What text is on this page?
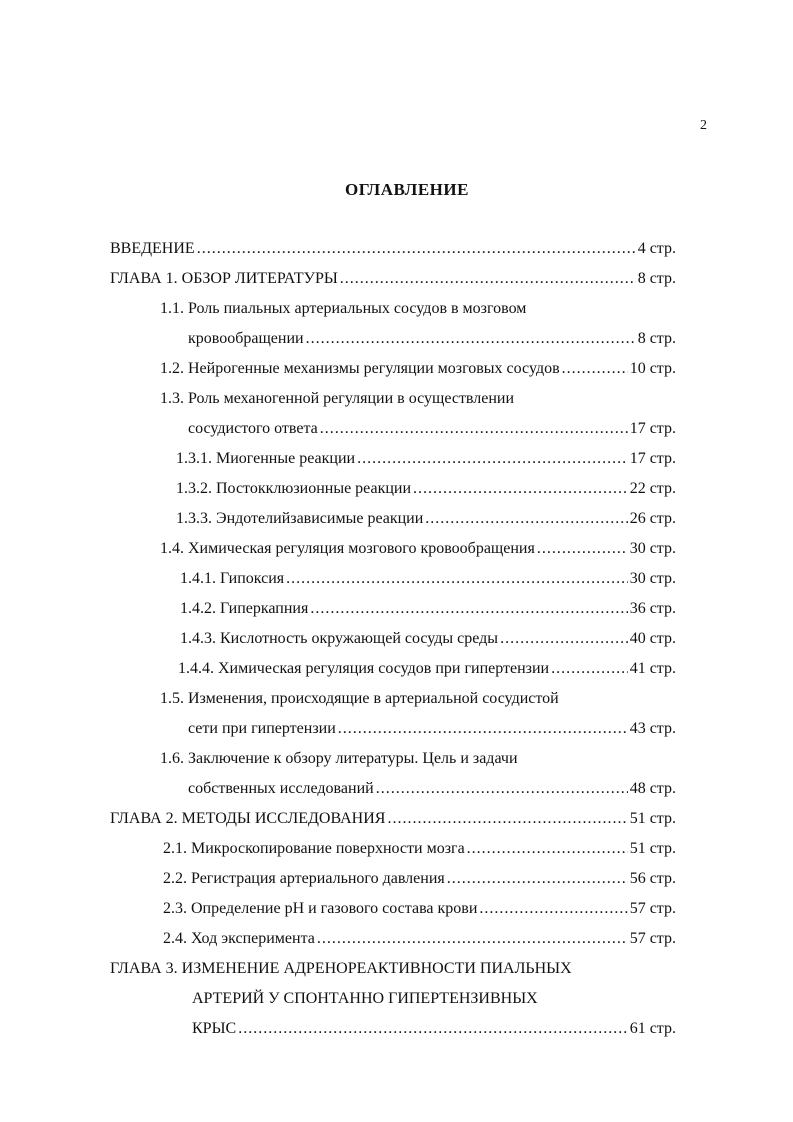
2
ОГЛАВЛЕНИЕ
ВВЕДЕНИЕ .....	4 стр.
ГЛАВА 1. ОБЗОР ЛИТЕРАТУРЫ .....	8 стр.
1.1. Роль пиальных артериальных сосудов в мозговом
кровообращении .....	8 стр.
1.2. Нейрогенные механизмы регуляции мозговых сосудов .....	10 стр.
1.3. Роль механогенной регуляции в осуществлении
сосудистого ответа .....	17 стр.
1.3.1. Миогенные реакции .....	17 стр.
1.3.2. Постокклюзионные реакции .....	22 стр.
1.3.3. Эндотелийзависимые реакции .....	26 стр.
1.4. Химическая регуляция мозгового кровообращения .....	30 стр.
1.4.1. Гипоксия .....	30 стр.
1.4.2. Гиперкапния .....	36 стр.
1.4.3. Кислотность окружающей сосуды среды .....	40 стр.
1.4.4. Химическая регуляция сосудов при гипертензии .....	41 стр.
1.5. Изменения, происходящие в артериальной сосудистой
сети при гипертензии .....	43 стр.
1.6. Заключение к обзору литературы. Цель и задачи
собственных исследований .....	48 стр.
ГЛАВА 2. МЕТОДЫ ИССЛЕДОВАНИЯ .....	51 стр.
2.1. Микроскопирование поверхности мозга .....	51 стр.
2.2. Регистрация артериального давления .....	56 стр.
2.3. Определение рН и газового состава крови .....	57 стр.
2.4. Ход эксперимента .....	57 стр.
ГЛАВА 3. ИЗМЕНЕНИЕ АДРЕНОРЕАКТИВНОСТИ ПИАЛЬНЫХ
АРТЕРИЙ У СПОНТАННО ГИПЕРТЕНЗИВНЫХ
КРЫС .....	61 стр.
